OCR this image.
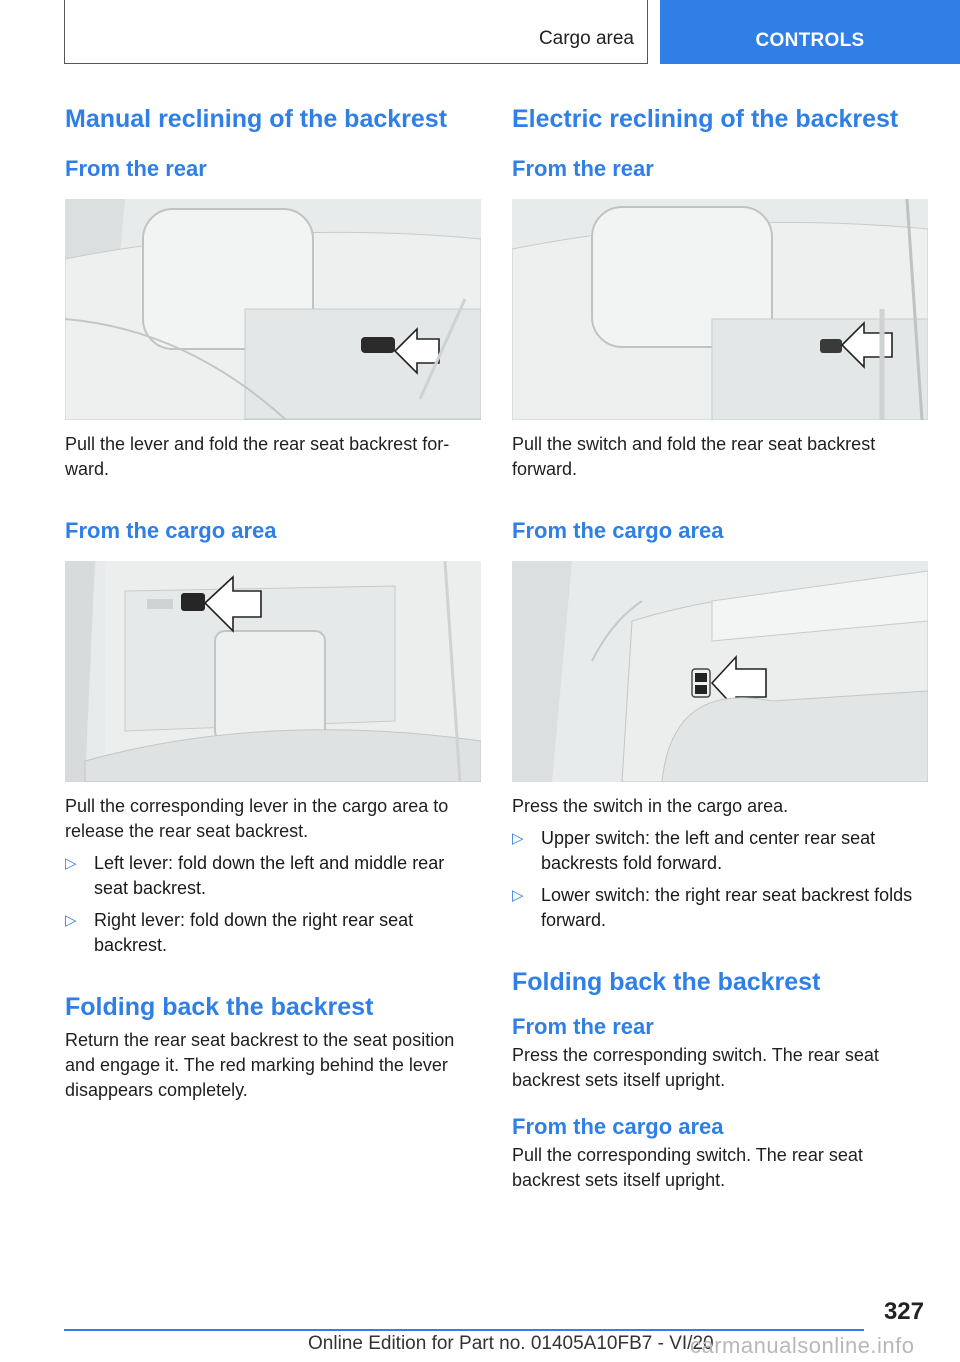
Cargo area	CONTROLS
Manual reclining of the backrest
From the rear

Pull the lever and fold the rear seat backrest for‐ward.

From the cargo area

Pull the corresponding lever in the cargo area to release the rear seat backrest.

▷ Left lever: fold down the left and middle rear seat backrest.
▷ Right lever: fold down the right rear seat backrest.
Folding back the backrest

Return the rear seat backrest to the seat position and engage it. The red marking behind the lever disappears completely.

Electric reclining of the backrest
From the rear

Pull the switch and fold the rear seat backrest forward.

From the cargo area

Press the switch in the cargo area.

▷ Upper switch: the left and center rear seat backrests fold forward.
▷ Lower switch: the right rear seat backrest folds forward.
Folding back the backrest
From the rear

Press the corresponding switch. The rear seat backrest sets itself upright.

From the cargo area

Pull the corresponding switch. The rear seat backrest sets itself upright.

327
Online Edition for Part no. 01405A10FB7 - VI/20
carmanualsonline.info
